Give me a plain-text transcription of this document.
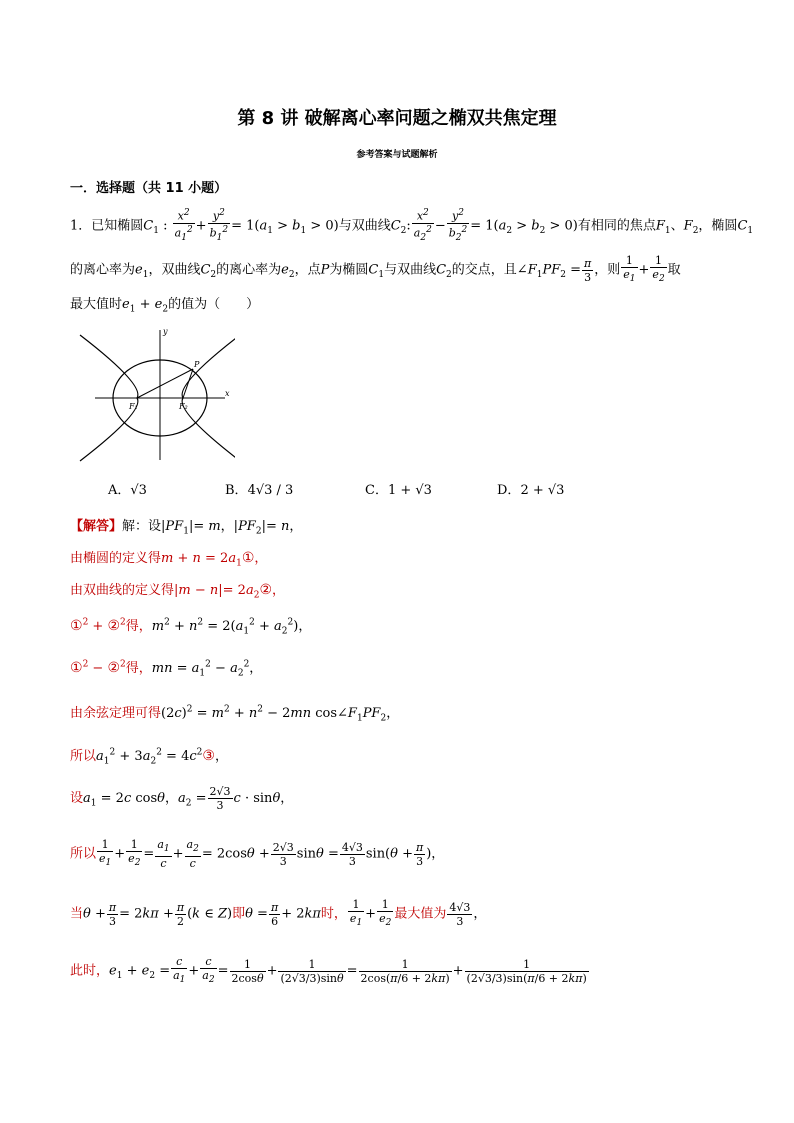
第 8 讲 破解离心率问题之椭双共焦定理
参考答案与试题解析
一．选择题（共 11 小题）
1．已知椭圆$C_1$ : $\frac{x^2}{a_1^2} + \frac{y^2}{b_1^2} = 1(a_1 > b_1 > 0)$与双曲线$C_2$: $\frac{x^2}{a_2^2} - \frac{y^2}{b_2^2} = 1(a_2 > b_2 > 0)$有相同的焦点$F_1$、$F_2$，椭圆$C_1$
的离心率为$e_1$，双曲线$C_2$的离心率为$e_2$，点P为椭圆$C_1$与双曲线$C_2$的交点，且$\angle F_1PF_2 = \frac{\pi}{3}$ ，则 $\frac{1}{e_1} + \frac{1}{e_2}$ 取
最大值时$e_1 + e_2$的值为（　　）
P
F₁	F₂
x
y
A．√3	B．4√3 / 3	C．1 + √3	D．2 + √3
【解答】解：设$|PF_1|= m$，$|PF_2|= n$，
由椭圆的定义得$m + n = 2a_1①$，
由双曲线的定义得$|m - n|= 2a_2②$，
①$^2$ + ②$^2$得，$m^2 + n^2 = 2(a_1^2 + a_2^2)$，
①$^2$ − ②$^2$得，mn = $a_1^2 - a_2^2$，
由余弦定理可得$(2c)^2 = m^2 + n^2 - 2mn$ $\cos\angle F_1PF_2$，
所以$a_1^2 + 3a_2^2$ = $4c^2③$，
设$a_1 = 2c$ cosθ，$a_2 = \frac{2√3}{3}$ c · sinθ，
所以 $\frac{1}{e_1} + \frac{1}{e_2} = \frac{a_1}{c} + \frac{a_2}{c} = 2\cos\theta + \frac{2√3}{3}$ $\sin\theta = \frac{4√3}{3} \sin(\theta + \frac{\pi}{3}$ )，
当$\theta + \frac{\pi}{3} = 2k\pi + \frac{\pi}{2} (k$ ∈ Z)即$\theta = \frac{\pi}{6} + 2k\pi$时， $\frac{1}{e_1} + \frac{1}{e_2}$ 最大值为 $\frac{4√3}{3}$ ，
此时，$e_1 + e_2 = \frac{c}{a_1} + \frac{c}{a_2} = \frac{1}{2\cos\theta} + \frac{1}{(2√3/3)\sin\theta} = \frac{1}{2\cos(\pi/6 + 2k\pi)} + \frac{1}{(2√3/3)\sin(\pi/6 + 2k\pi)}$
